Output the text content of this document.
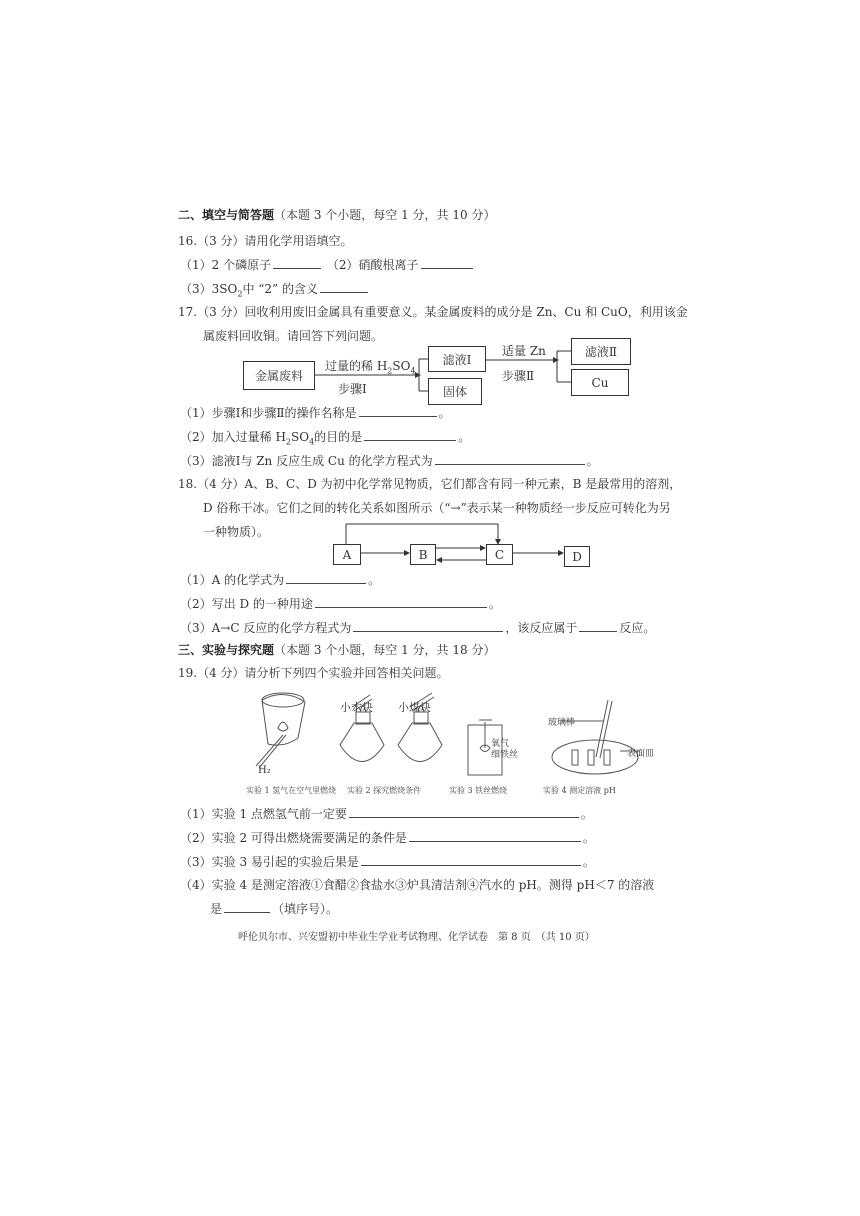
二、填空与简答题（本题 3 个小题，每空 1 分，共 10 分）
16.（3 分）请用化学用语填空。
（1）2 个磷原子	（2）硝酸根离子
$(3)3SO_2$中 “2” 的含义
17.（3 分）回收利用废旧金属具有重要意义。某金属废料的成分是 Zn、Cu 和 CuO，利用该金
属废料回收铜。请回答下列问题。
金属废料
过量的稀 $H_2SO_4$
步骤Ⅰ
滤液Ⅰ
固体
适量 Zn
步骤Ⅱ
滤液Ⅱ
Cu
（1）步骤Ⅰ和步骤Ⅱ的操作名称是	。
（2）加入过量稀 $H_2SO_4$的目的是	。
（3）滤液Ⅰ与 Zn 反应生成 Cu 的化学方程式为	。
18.（4 分）A、B、C、D 为初中化学常见物质，它们都含有同一种元素，B 是最常用的溶剂，
D 俗称干冰。它们之间的转化关系如图所示（“→”表示某一种物质经一步反应可转化为另
一种物质）。
A	B	C	D
（1）A 的化学式为	。
（2）写出 D 的一种用途	。
（3）A→C 反应的化学方程式为	，该反应属于	反应。
三、实验与探究题（本题 3 个小题，每空 1 分，共 18 分）
19.（4 分）请分析下列四个实验并回答相关问题。
H₂
小木块 小煤块
氧气
细铁丝
玻璃棒
表面皿
实验 1 氢气在空气里燃烧 实验 2 探究燃烧条件	实验 3 铁丝燃烧	实验 4 测定溶液 pH
（1）实验 1 点燃氢气前一定要	。
（2）实验 2 可得出燃烧需要满足的条件是	。
（3）实验 3 易引起的实验后果是	。
（4）实验 4 是测定溶液①食醋②食盐水③炉具清洁剂④汽水的 pH。测得 pH＜7 的溶液
是	（填序号）。
呼伦贝尔市、兴安盟初中毕业生学业考试物理、化学试卷　第 8 页　（共 10 页）
